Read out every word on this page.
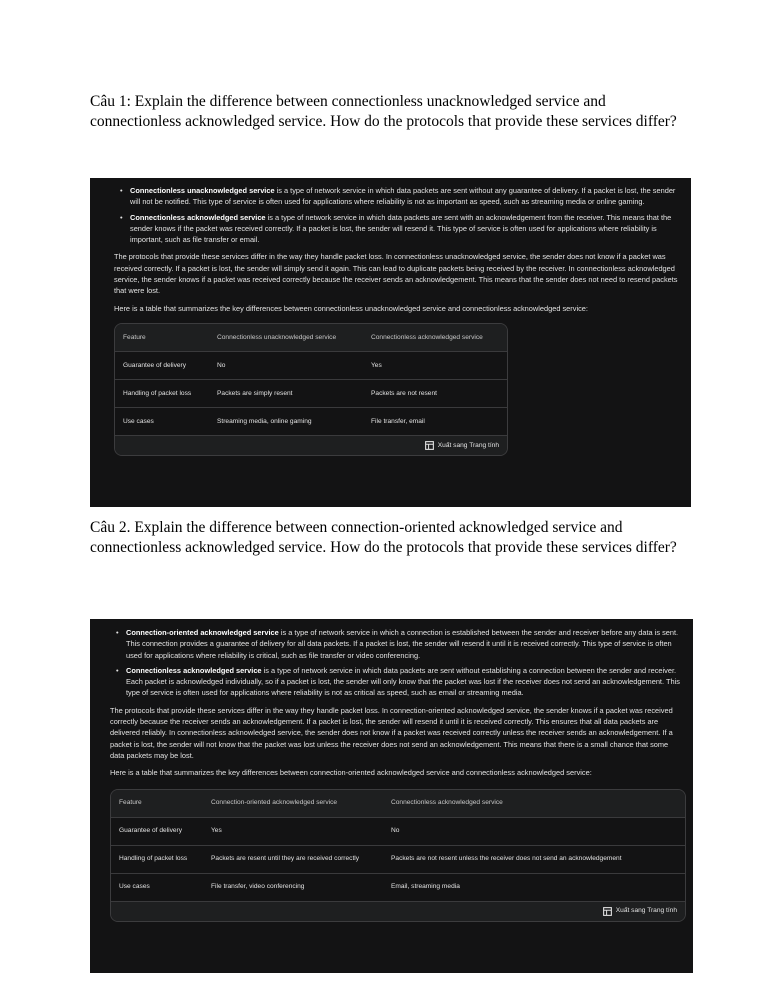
Câu 1: Explain the difference between connectionless unacknowledged service and connectionless acknowledged service. How do the protocols that provide these services differ?

• Connectionless unacknowledged service is a type of network service in which data packets are sent without any guarantee of delivery. If a packet is lost, the sender will not be notified. This type of service is often used for applications where reliability is not as important as speed, such as streaming media or online gaming.
• Connectionless acknowledged service is a type of network service in which data packets are sent with an acknowledgement from the receiver. This means that the sender knows if the packet was received correctly. If a packet is lost, the sender will resend it. This type of service is often used for applications where reliability is important, such as file transfer or email.

The protocols that provide these services differ in the way they handle packet loss. In connectionless unacknowledged service, the sender does not know if a packet was received correctly. If a packet is lost, the sender will simply send it again. This can lead to duplicate packets being received by the receiver. In connectionless acknowledged service, the sender knows if a packet was received correctly because the receiver sends an acknowledgement. This means that the sender does not need to resend packets that were lost.

Here is a table that summarizes the key differences between connectionless unacknowledged service and connectionless acknowledged service:

Feature	Connectionless unacknowledged service	Connectionless acknowledged service
Guarantee of delivery	No	Yes
Handling of packet loss	Packets are simply resent	Packets are not resent
Use cases	Streaming media, online gaming	File transfer, email
Xuất sang Trang tính

Câu 2. Explain the difference between connection-oriented acknowledged service and connectionless acknowledged service. How do the protocols that provide these services differ?

• Connection-oriented acknowledged service is a type of network service in which a connection is established between the sender and receiver before any data is sent. This connection provides a guarantee of delivery for all data packets. If a packet is lost, the sender will resend it until it is received correctly. This type of service is often used for applications where reliability is critical, such as file transfer or video conferencing.
• Connectionless acknowledged service is a type of network service in which data packets are sent without establishing a connection between the sender and receiver. Each packet is acknowledged individually, so if a packet is lost, the sender will only know that the packet was lost if the receiver does not send an acknowledgement. This type of service is often used for applications where reliability is not as critical as speed, such as email or streaming media.

The protocols that provide these services differ in the way they handle packet loss. In connection-oriented acknowledged service, the sender knows if a packet was received correctly because the receiver sends an acknowledgement. If a packet is lost, the sender will resend it until it is received correctly. This ensures that all data packets are delivered reliably. In connectionless acknowledged service, the sender does not know if a packet was received correctly unless the receiver sends an acknowledgement. If a packet is lost, the sender will not know that the packet was lost unless the receiver does not send an acknowledgement. This means that there is a small chance that some data packets may be lost.

Here is a table that summarizes the key differences between connection-oriented acknowledged service and connectionless acknowledged service:

Feature	Connection-oriented acknowledged service	Connectionless acknowledged service
Guarantee of delivery	Yes	No
Handling of packet loss	Packets are resent until they are received correctly	Packets are not resent unless the receiver does not send an acknowledgement
Use cases	File transfer, video conferencing	Email, streaming media
Xuất sang Trang tính
